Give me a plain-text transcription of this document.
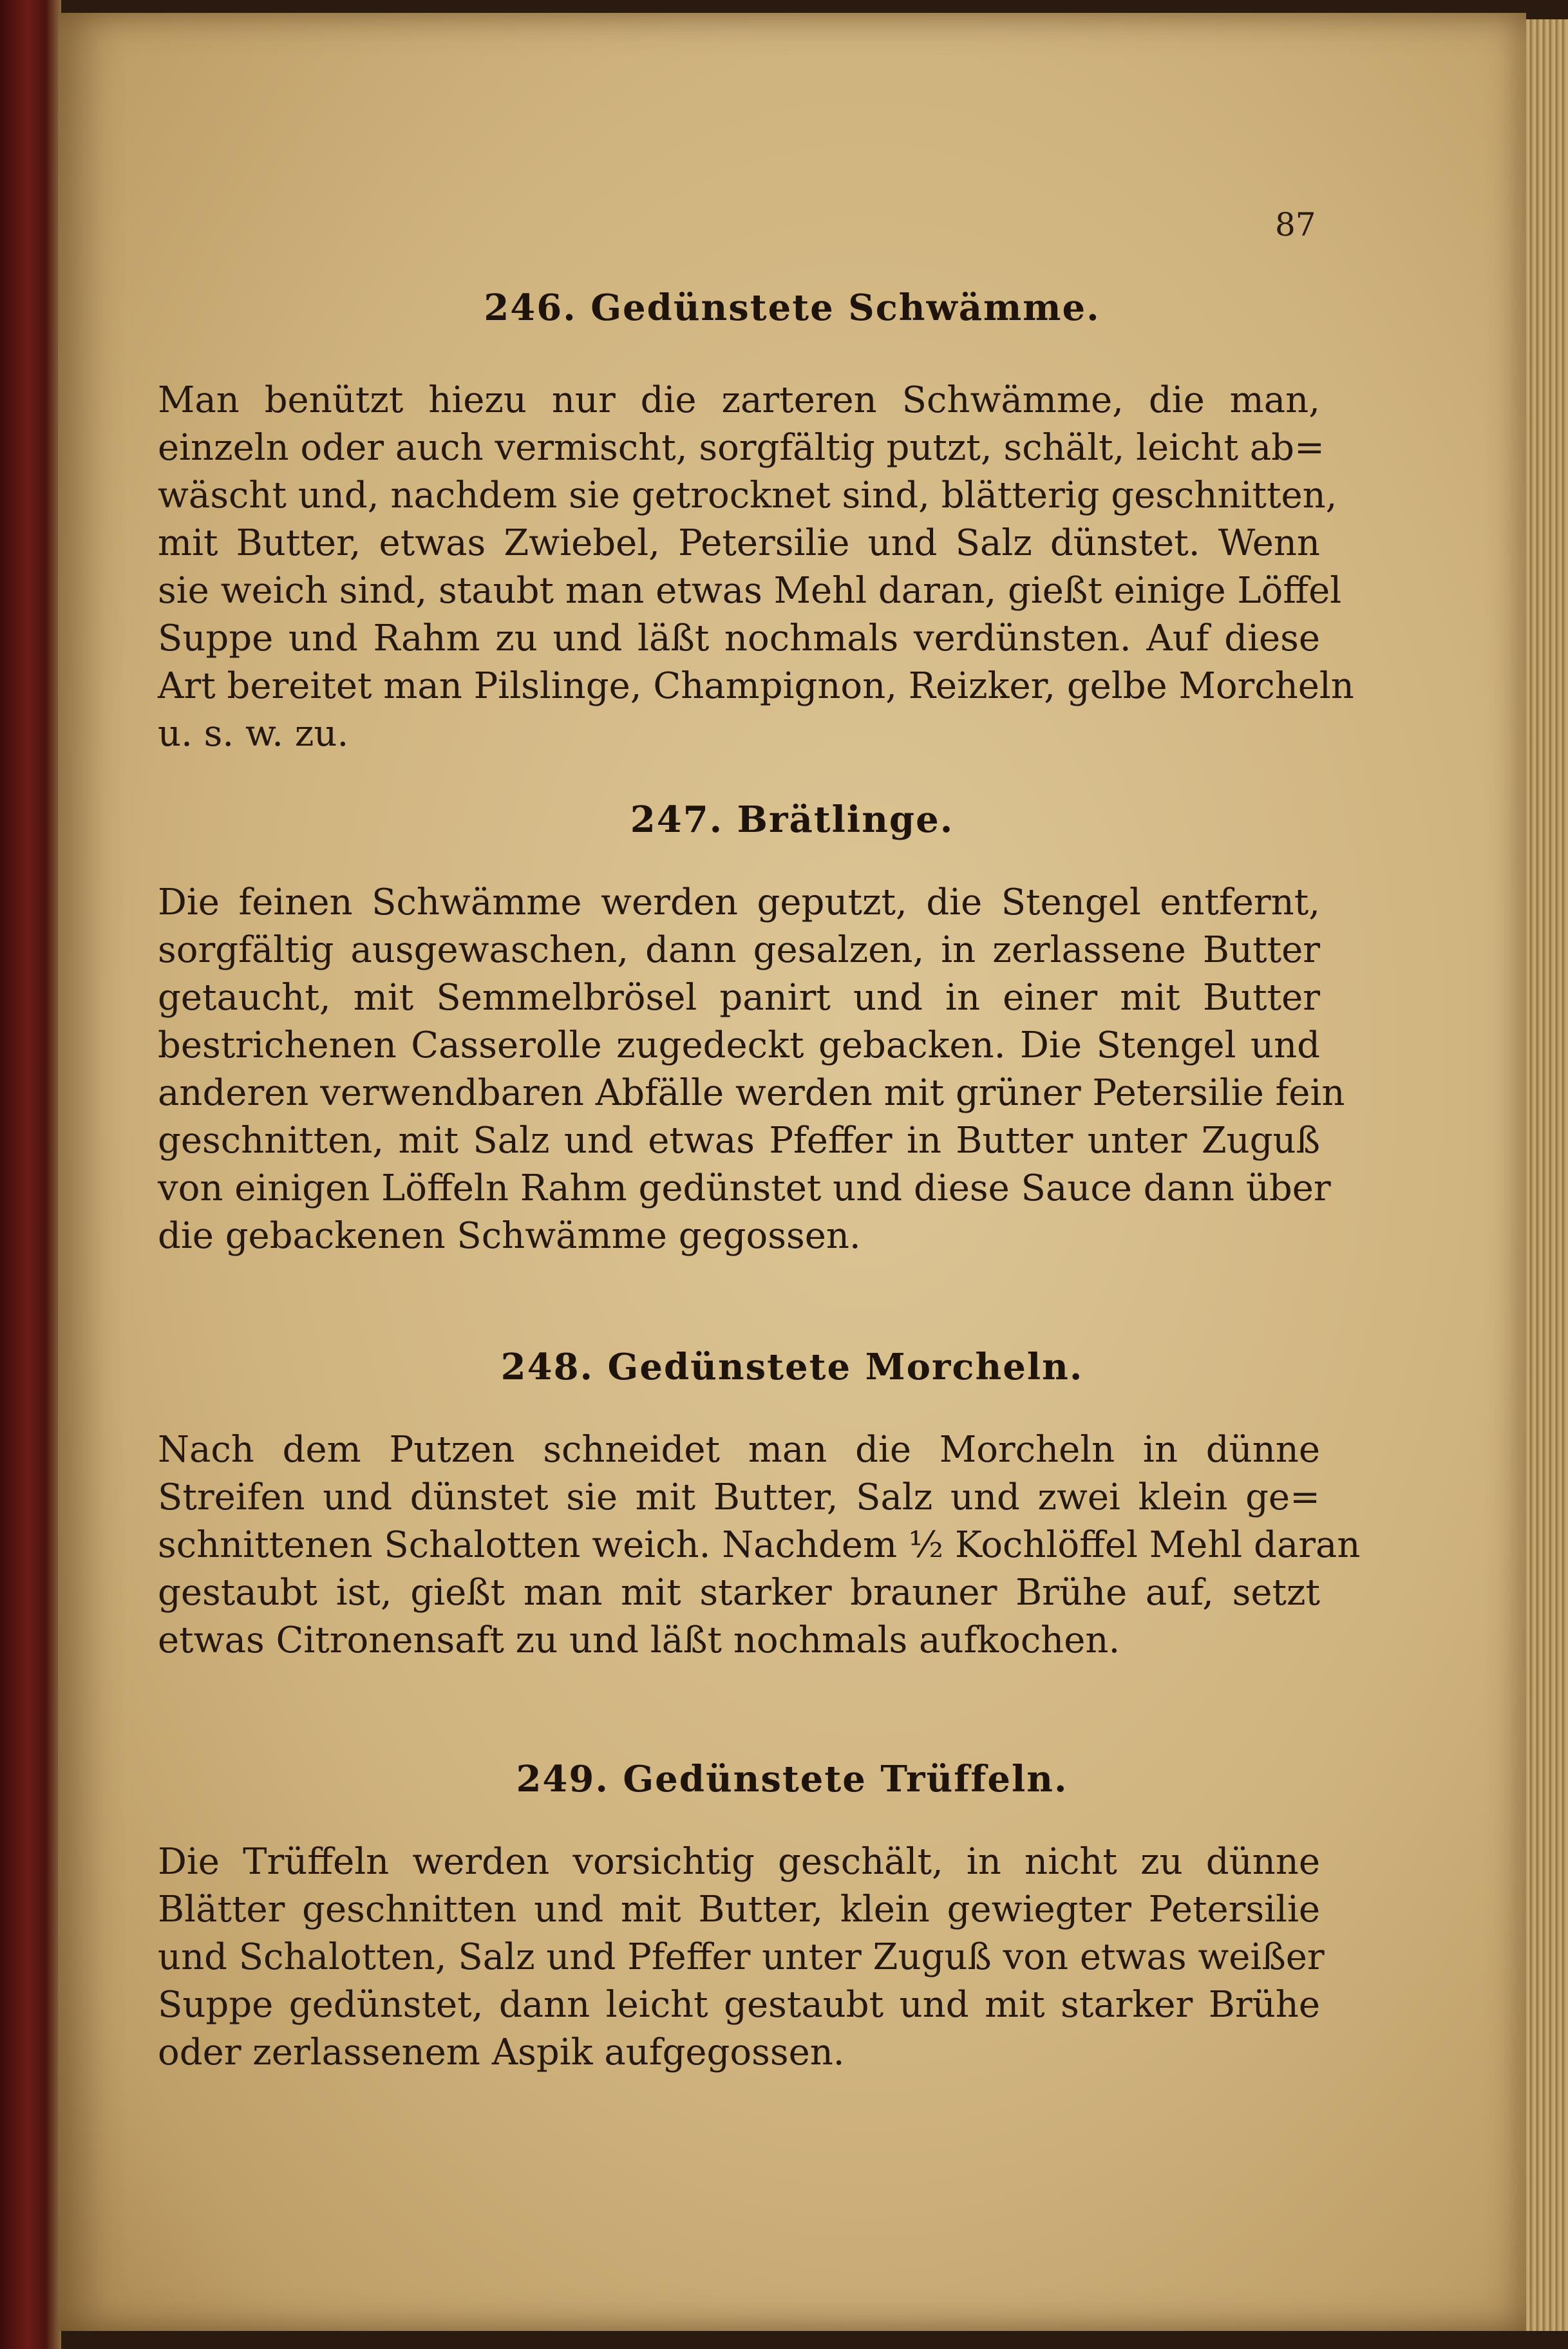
87
246. Gedünstete Schwämme.
Man benützt hiezu nur die zarteren Schwämme, die man,
einzeln oder auch vermischt, sorgfältig putzt, schält, leicht ab=
wäscht und, nachdem sie getrocknet sind, blätterig geschnitten,
mit Butter, etwas Zwiebel, Petersilie und Salz dünstet. Wenn
sie weich sind, staubt man etwas Mehl daran, gießt einige Löffel
Suppe und Rahm zu und läßt nochmals verdünsten. Auf diese
Art bereitet man Pilslinge, Champignon, Reizker, gelbe Morcheln
u. s. w. zu.
247. Brätlinge.
Die feinen Schwämme werden geputzt, die Stengel entfernt,
sorgfältig ausgewaschen, dann gesalzen, in zerlassene Butter
getaucht, mit Semmelbrösel panirt und in einer mit Butter
bestrichenen Casserolle zugedeckt gebacken. Die Stengel und
anderen verwendbaren Abfälle werden mit grüner Petersilie fein
geschnitten, mit Salz und etwas Pfeffer in Butter unter Zuguß
von einigen Löffeln Rahm gedünstet und diese Sauce dann über
die gebackenen Schwämme gegossen.
248. Gedünstete Morcheln.
Nach dem Putzen schneidet man die Morcheln in dünne
Streifen und dünstet sie mit Butter, Salz und zwei klein ge=
schnittenen Schalotten weich. Nachdem ½ Kochlöffel Mehl daran
gestaubt ist, gießt man mit starker brauner Brühe auf, setzt
etwas Citronensaft zu und läßt nochmals aufkochen.
249. Gedünstete Trüffeln.
Die Trüffeln werden vorsichtig geschält, in nicht zu dünne
Blätter geschnitten und mit Butter, klein gewiegter Petersilie
und Schalotten, Salz und Pfeffer unter Zuguß von etwas weißer
Suppe gedünstet, dann leicht gestaubt und mit starker Brühe
oder zerlassenem Aspik aufgegossen.
